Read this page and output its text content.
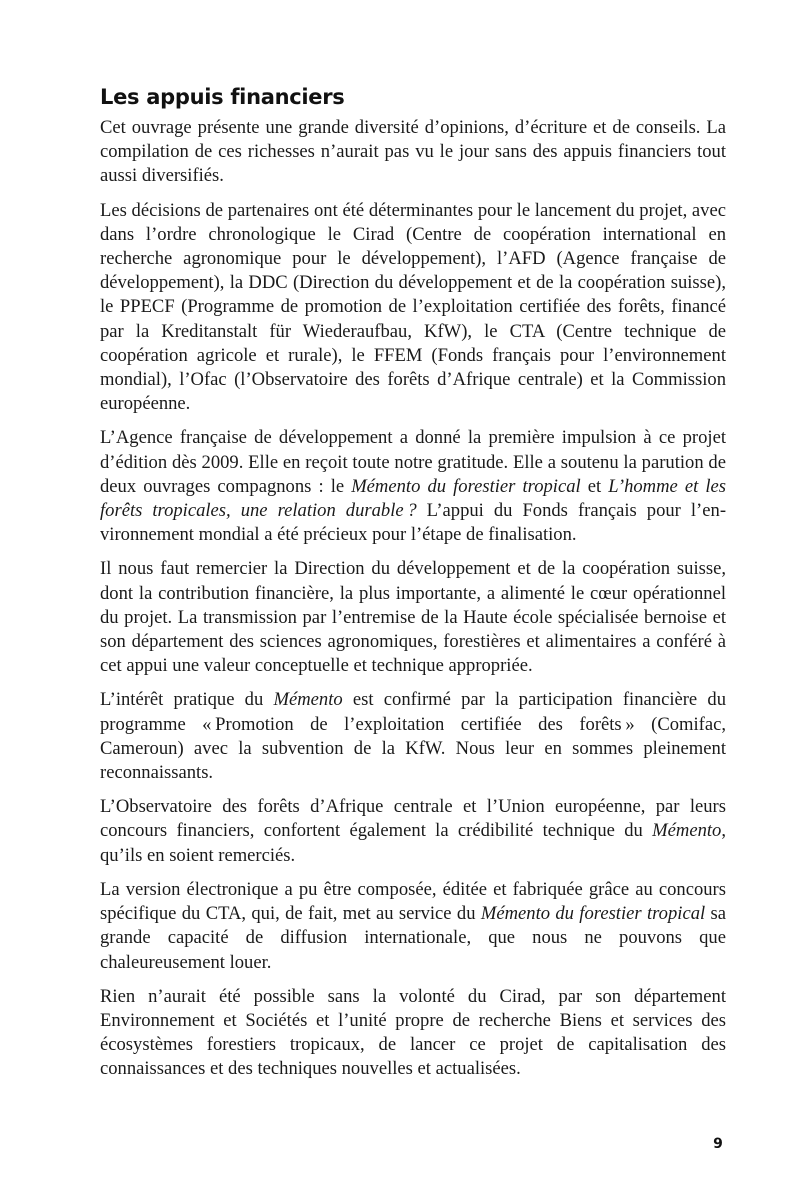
Les appuis financiers

Cet ouvrage présente une grande diversité d’opinions, d’écriture et de conseils. La compilation de ces richesses n’aurait pas vu le jour sans des appuis financiers tout aussi diversifiés.

Les décisions de partenaires ont été déterminantes pour le lancement du projet, avec dans l’ordre chronologique le Cirad (Centre de coopération international en recherche agronomique pour le développement), l’AFD (Agence française de développement), la DDC (Direction du développement et de la coopération suisse), le PPECF (Programme de promotion de l’exploitation certifiée des forêts, financé par la Kreditanstalt für Wiederaufbau, KfW), le CTA (Centre technique de coopération agricole et rurale), le FFEM (Fonds français pour l’environnement mondial), l’Ofac (l’Observatoire des forêts d’Afrique centrale) et la Commission européenne.

L’Agence française de développement a donné la première impulsion à ce projet d’édition dès 2009. Elle en reçoit toute notre gratitude. Elle a soutenu la parution de deux ouvrages compagnons : le Mémento du forestier tropical et L’homme et les forêts tropicales, une relation durable ? L’appui du Fonds français pour l’environnement mondial a été précieux pour l’étape de finalisation.

Il nous faut remercier la Direction du développement et de la coopération suisse, dont la contribution financière, la plus importante, a alimenté le cœur opérationnel du projet. La transmission par l’entremise de la Haute école spécialisée bernoise et son département des sciences agronomiques, forestières et alimentaires a conféré à cet appui une valeur conceptuelle et technique appropriée.

L’intérêt pratique du Mémento est confirmé par la participation financière du programme « Promotion de l’exploitation certifiée des forêts » (Comifac, Cameroun) avec la subvention de la KfW. Nous leur en sommes pleinement reconnaissants.

L’Observatoire des forêts d’Afrique centrale et l’Union européenne, par leurs concours financiers, confortent également la crédibilité technique du Mémento, qu’ils en soient remerciés.

La version électronique a pu être composée, éditée et fabriquée grâce au concours spécifique du CTA, qui, de fait, met au service du Mémento du forestier tropical sa grande capacité de diffusion internationale, que nous ne pouvons que chaleureusement louer.

Rien n’aurait été possible sans la volonté du Cirad, par son département Environnement et Sociétés et l’unité propre de recherche Biens et services des écosystèmes forestiers tropicaux, de lancer ce projet de capitalisation des connaissances et des techniques nouvelles et actualisées.

9
